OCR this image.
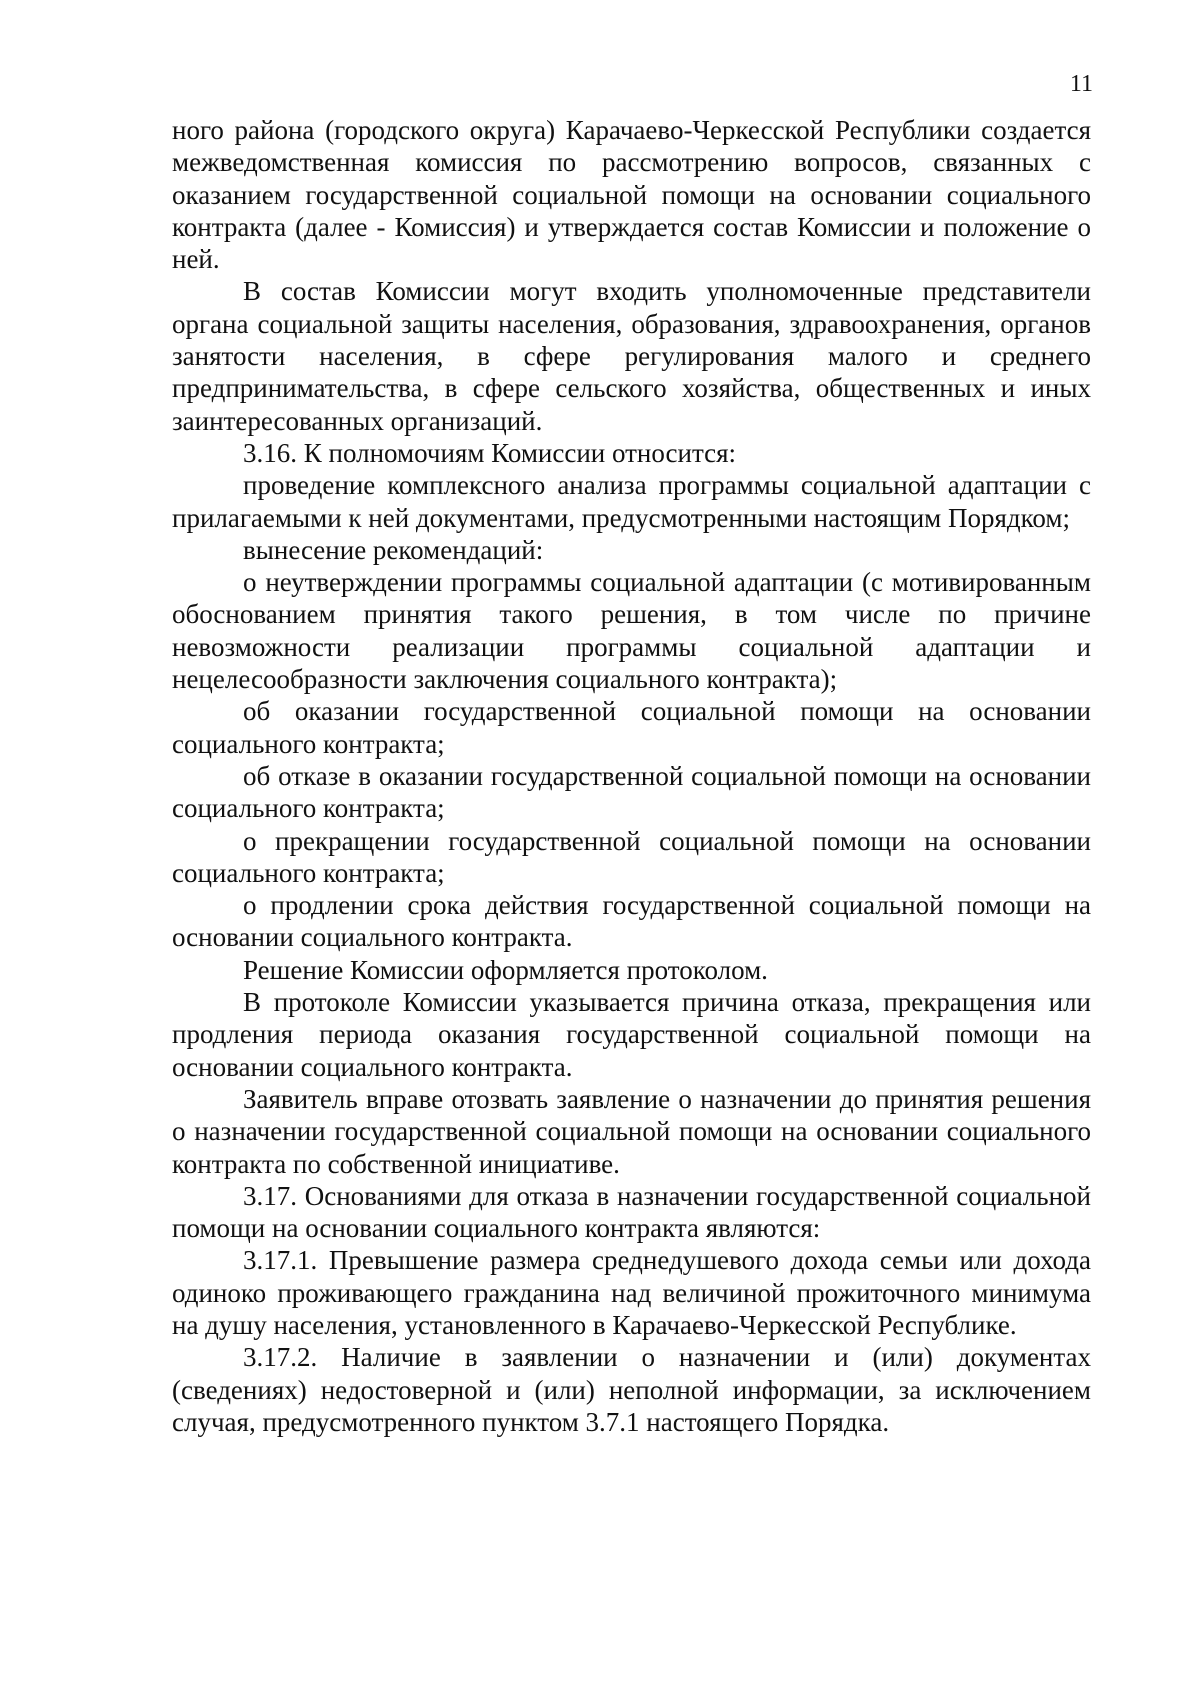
11

ного района (городского округа) Карачаево-Черкесской Республики создается межведомственная комиссия по рассмотрению вопросов, связанных с оказанием государственной социальной помощи на основании социального контракта (далее - Комиссия) и утверждается состав Комиссии и положение о ней.

В состав Комиссии могут входить уполномоченные представители органа социальной защиты населения, образования, здравоохранения, органов занятости населения, в сфере регулирования малого и среднего предпринимательства, в сфере сельского хозяйства, общественных и иных заинтересованных организаций.

3.16. К полномочиям Комиссии относится:

проведение комплексного анализа программы социальной адаптации с прилагаемыми к ней документами, предусмотренными настоящим Порядком;

вынесение рекомендаций:

о неутверждении программы социальной адаптации (с мотивированным обоснованием принятия такого решения, в том числе по причине невозможности реализации программы социальной адаптации и нецелесообразности заключения социального контракта);

об оказании государственной социальной помощи на основании социального контракта;

об отказе в оказании государственной социальной помощи на основании социального контракта;

о прекращении государственной социальной помощи на основании социального контракта;

о продлении срока действия государственной социальной помощи на основании социального контракта.

Решение Комиссии оформляется протоколом.

В протоколе Комиссии указывается причина отказа, прекращения или продления периода оказания государственной социальной помощи на основании социального контракта.

Заявитель вправе отозвать заявление о назначении до принятия решения о назначении государственной социальной помощи на основании социального контракта по собственной инициативе.

3.17. Основаниями для отказа в назначении государственной социальной помощи на основании социального контракта являются:

3.17.1. Превышение размера среднедушевого дохода семьи или дохода одиноко проживающего гражданина над величиной прожиточного минимума на душу населения, установленного в Карачаево-Черкесской Республике.

3.17.2. Наличие в заявлении о назначении и (или) документах (сведениях) недостоверной и (или) неполной информации, за исключением случая, предусмотренного пунктом 3.7.1 настоящего Порядка.
